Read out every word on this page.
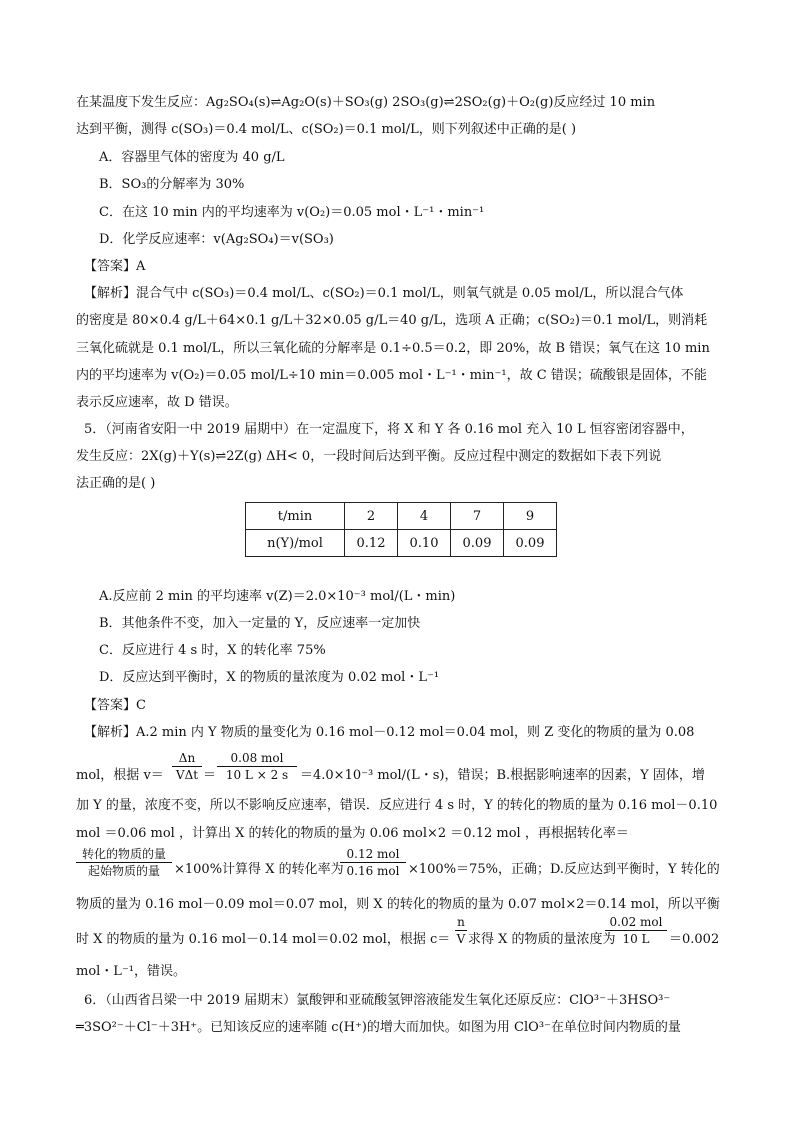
在某温度下发生反应：Ag₂SO₄(s)⇌Ag₂O(s)＋SO₃(g) 2SO₃(g)⇌2SO₂(g)＋O₂(g)反应经过 10 min
达到平衡，测得 c(SO₃)＝0.4 mol/L、c(SO₂)＝0.1 mol/L，则下列叙述中正确的是( )
A．容器里气体的密度为 40 g/L
B．SO₃的分解率为 30%
C．在这 10 min 内的平均速率为 v(O₂)＝0.05 mol・L⁻¹・min⁻¹
D．化学反应速率：v(Ag₂SO₄)＝v(SO₃)
【答案】A
【解析】混合气中 c(SO₃)＝0.4 mol/L、c(SO₂)＝0.1 mol/L，则氧气就是 0.05 mol/L，所以混合气体
的密度是 80×0.4 g/L＋64×0.1 g/L＋32×0.05 g/L＝40 g/L，选项 A 正确；c(SO₂)＝0.1 mol/L，则消耗
三氧化硫就是 0.1 mol/L，所以三氧化硫的分解率是 0.1÷0.5＝0.2，即 20%，故 B 错误；氧气在这 10 min
内的平均速率为 v(O₂)＝0.05 mol/L÷10 min＝0.005 mol・L⁻¹・min⁻¹，故 C 错误；硫酸银是固体，不能
表示反应速率，故 D 错误。
5．（河南省安阳一中 2019 届期中）在一定温度下，将 X 和 Y 各 0.16 mol 充入 10 L 恒容密闭容器中，
发生反应：2X(g)＋Y(s)⇌2Z(g) ΔH< 0，一段时间后达到平衡。反应过程中测定的数据如下表下列说
法正确的是( )
t/min	2	4	7	9
n(Y)/mol	0.12	0.10	0.09	0.09
A.反应前 2 min 的平均速率 v(Z)＝2.0×10⁻³ mol/(L・min)
B．其他条件不变，加入一定量的 Y，反应速率一定加快
C．反应进行 4 s 时，X 的转化率 75%
D．反应达到平衡时，X 的物质的量浓度为 0.02 mol・L⁻¹
【答案】C
【解析】A.2 min 内 Y 物质的量变化为 0.16 mol－0.12 mol＝0.04 mol，则 Z 变化的物质的量为 0.08
mol，根据 v＝
Δn
VΔt ＝
0.08 mol
10 L × 2 s ＝4.0×10⁻³ mol/(L・s)，错误；B.根据影响速率的因素，Y 固体，增
加 Y 的量，浓度不变，所以不影响反应速率，错误．反应进行 4 s 时，Y 的转化的物质的量为 0.16 mol－0.10
mol ＝0.06 mol ，计算出 X 的转化的物质的量为 0.06 mol×2 ＝0.12 mol ，再根据转化率＝
转化的物质的量
起始物质的量	×100%计算得 X 的转化率为
0.12 mol
0.16 mol ×100%＝75%，正确；D.反应达到平衡时，Y 转化的
物质的量为 0.16 mol－0.09 mol＝0.07 mol，则 X 的转化的物质的量为 0.07 mol×2＝0.14 mol，所以平衡
时 X 的物质的量为 0.16 mol－0.14 mol＝0.02 mol，根据 $c= \frac{n}{V}$ 求得 X 的物质的量浓度为
0.02 mol
10 L	＝0.002
mol・L⁻¹，错误。
6．（山西省吕梁一中 2019 届期末）氯酸钾和亚硫酸氢钾溶液能发生氧化还原反应：ClO³⁻＋3HSO³⁻
═3SO²⁻＋Cl⁻＋3H⁺。已知该反应的速率随 c(H⁺)的增大而加快。如图为用 ClO³⁻在单位时间内物质的量
